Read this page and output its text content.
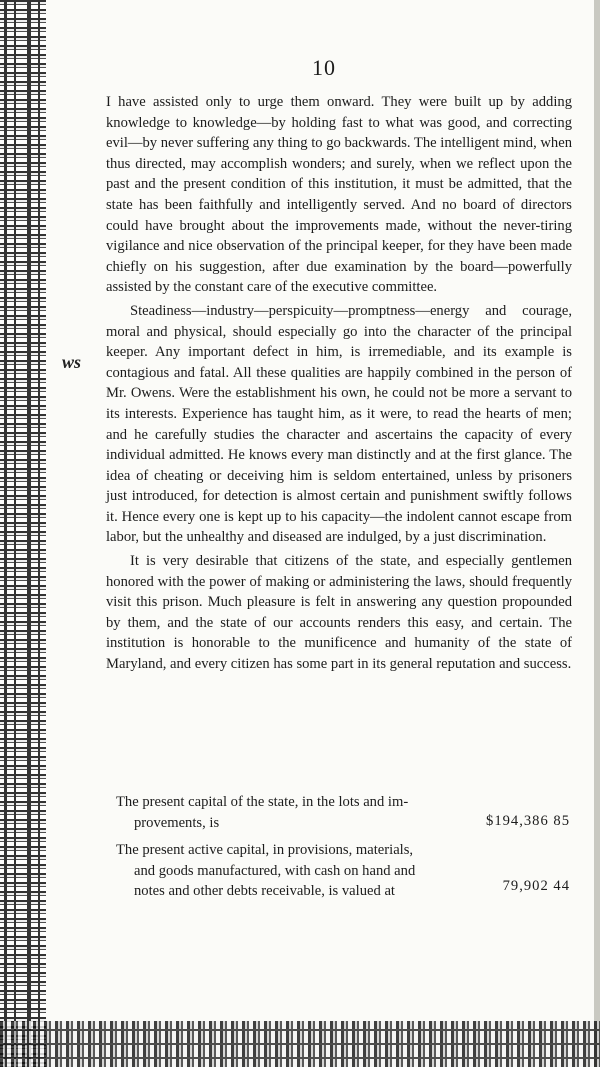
10
ws

I have assisted only to urge them onward. They were built up by adding knowledge to knowledge—by holding fast to what was good, and correcting evil—by never suffering any thing to go backwards. The intelligent mind, when thus directed, may accomplish wonders; and surely, when we reflect upon the past and the present condition of this institution, it must be admitted, that the state has been faithfully and intelligently served. And no board of directors could have brought about the improvements made, without the never-tiring vigilance and nice observation of the principal keeper, for they have been made chiefly on his suggestion, after due examination by the board—powerfully assisted by the constant care of the executive committee.

Steadiness—industry—perspicuity—promptness—energy and courage, moral and physical, should especially go into the character of the principal keeper. Any important defect in him, is irremediable, and its example is contagious and fatal. All these qualities are happily combined in the person of Mr. Owens. Were the establishment his own, he could not be more a servant to its interests. Experience has taught him, as it were, to read the hearts of men; and he carefully studies the character and ascertains the capacity of every individual admitted. He knows every man distinctly and at the first glance. The idea of cheating or deceiving him is seldom entertained, unless by prisoners just introduced, for detection is almost certain and punishment swiftly follows it. Hence every one is kept up to his capacity—the indolent cannot escape from labor, but the unhealthy and diseased are indulged, by a just discrimination.

It is very desirable that citizens of the state, and especially gentlemen honored with the power of making or administering the laws, should frequently visit this prison. Much pleasure is felt in answering any question propounded by them, and the state of our accounts renders this easy, and certain. The institution is honorable to the munificence and humanity of the state of Maryland, and every citizen has some part in its general reputation and success.

The present capital of the state, in the lots and im-
provements, is	$194,386 85
The present active capital, in provisions, materials,
and goods manufactured, with cash on hand and
notes and other debts receivable, is valued at	79,902 44
